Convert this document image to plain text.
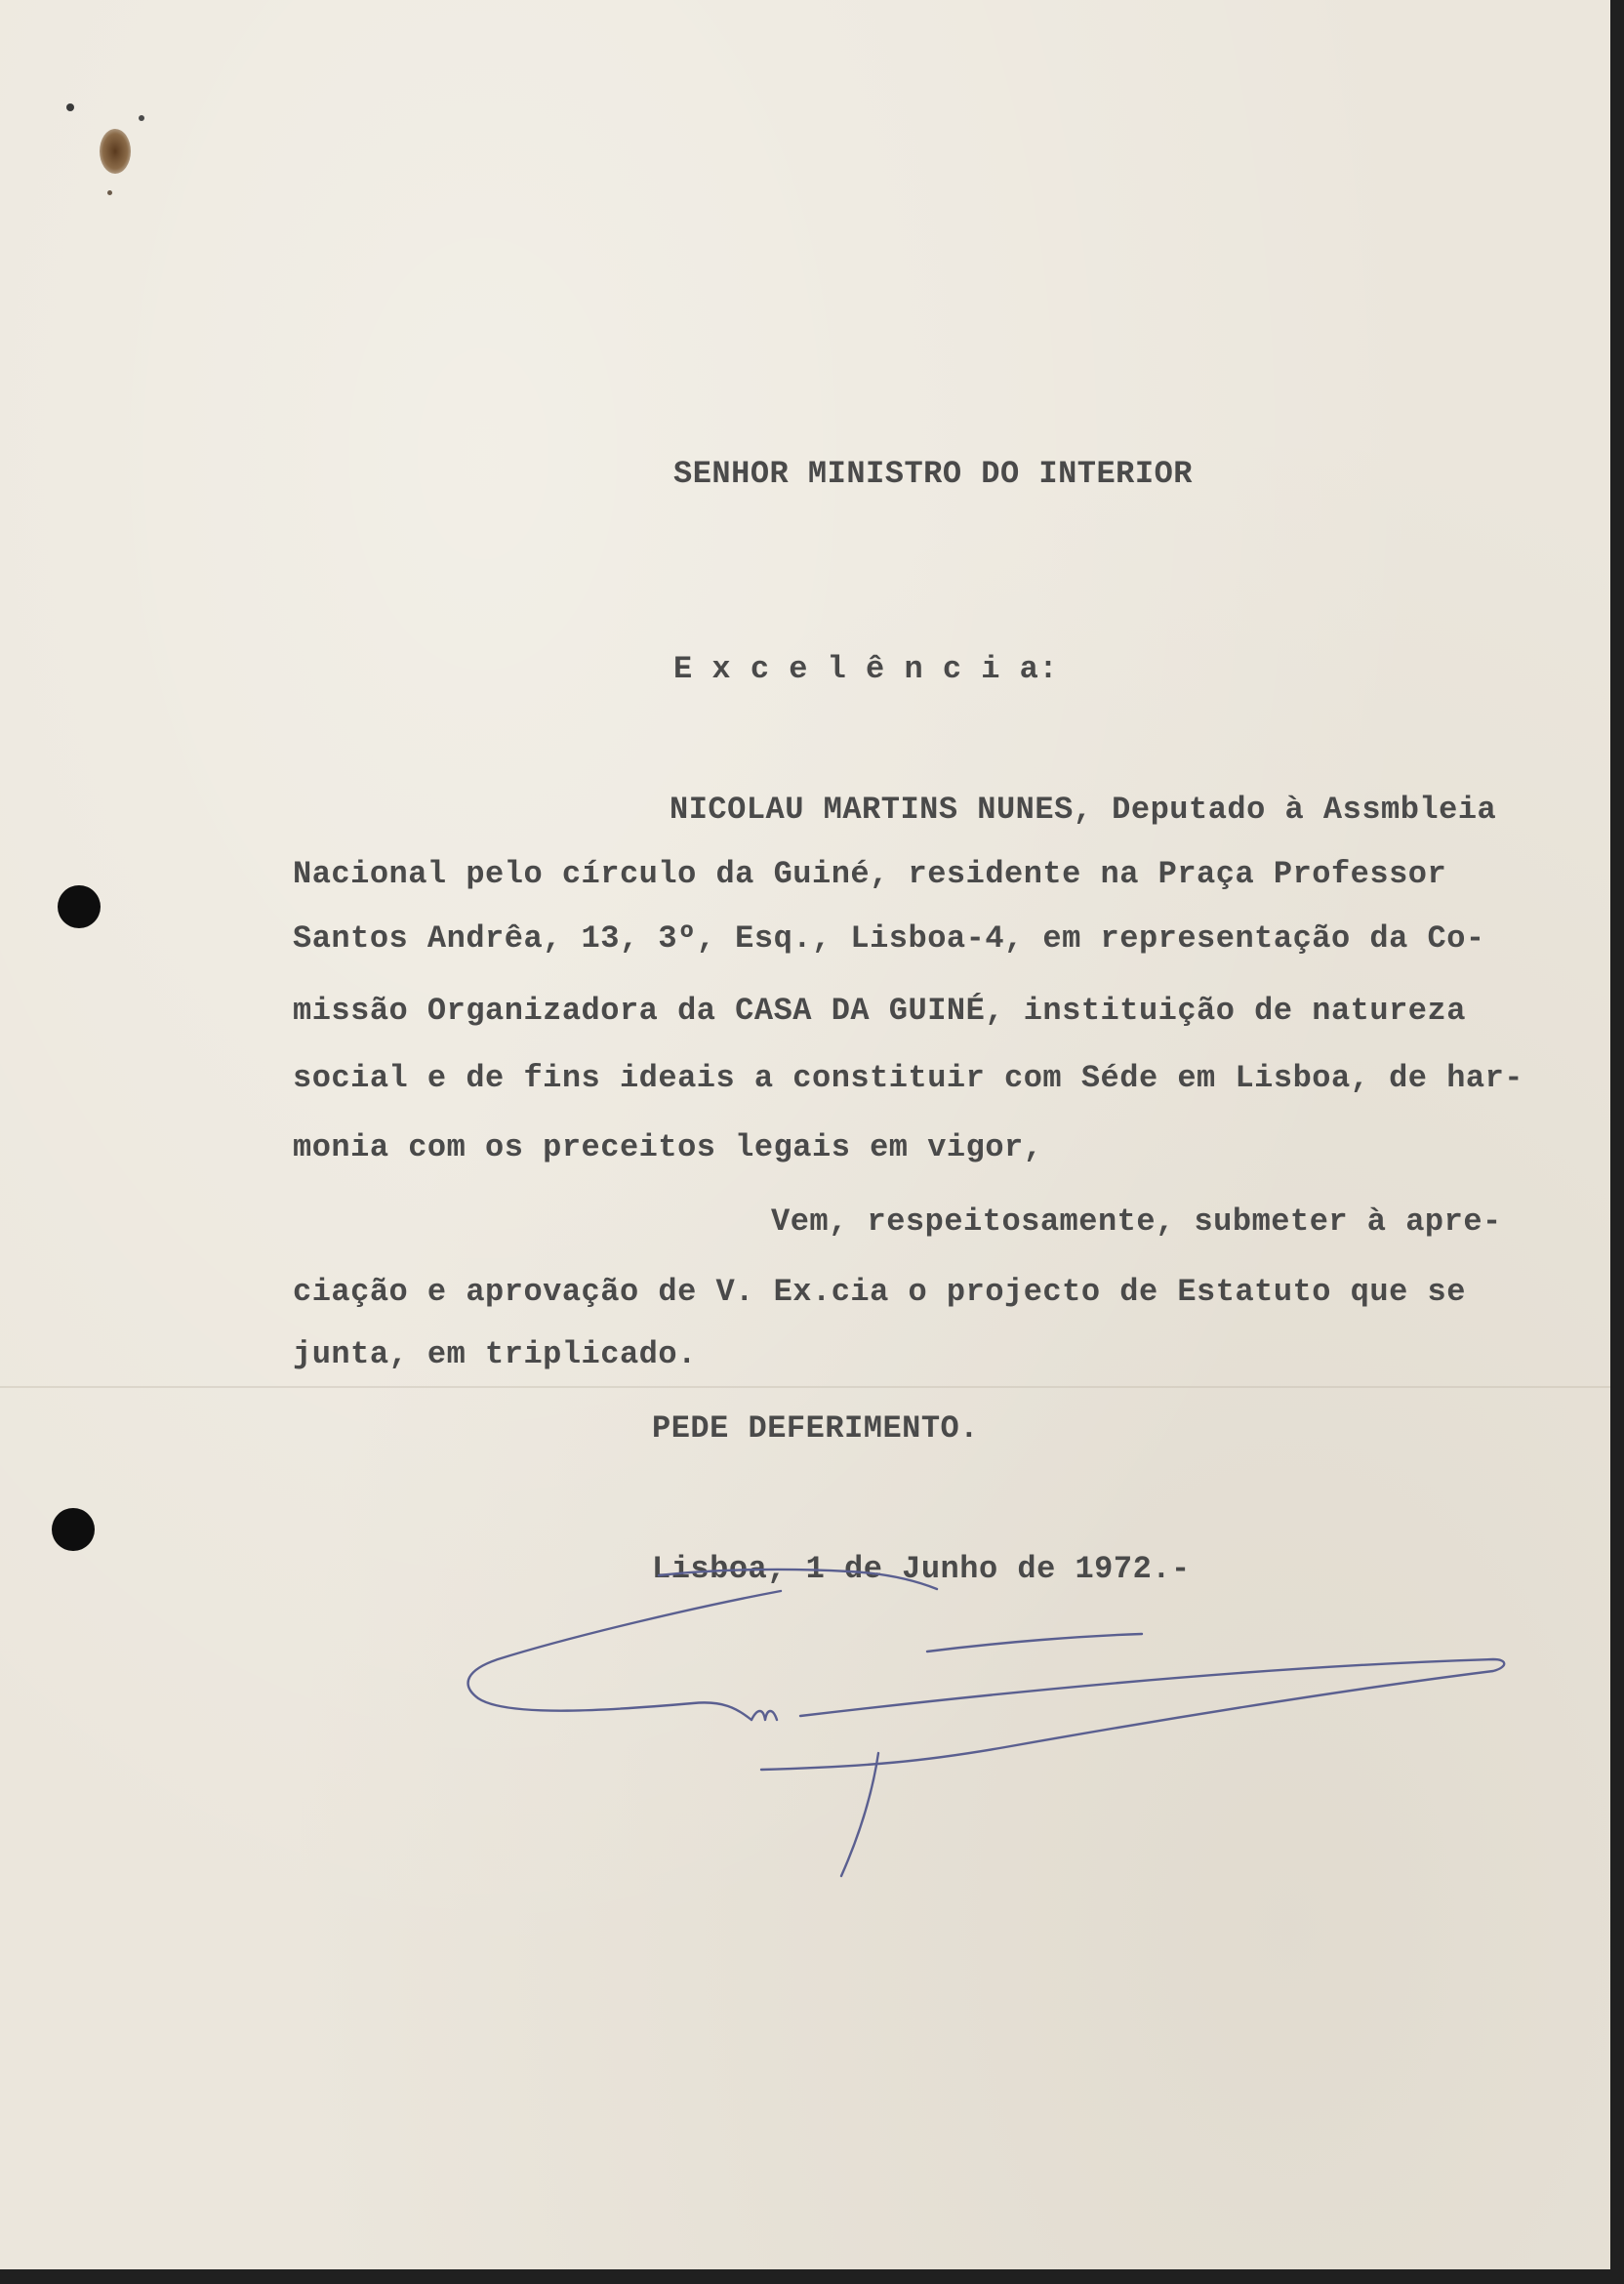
SENHOR MINISTRO DO INTERIOR
E x c e l ê n c i a:
NICOLAU MARTINS NUNES, Deputado à Assmbleia
Nacional pelo círculo da Guiné, residente na Praça Professor
Santos Andrêa, 13, 3º, Esq., Lisboa-4, em representação da Co-
missão Organizadora da CASA DA GUINÉ, instituição de natureza
social e de fins ideais a constituir com Séde em Lisboa, de har-
monia com os preceitos legais em vigor,
Vem, respeitosamente, submeter à apre-
ciação e aprovação de V. Ex.cia o projecto de Estatuto que se
junta, em triplicado.
PEDE DEFERIMENTO.
Lisboa, 1 de Junho de 1972.-
